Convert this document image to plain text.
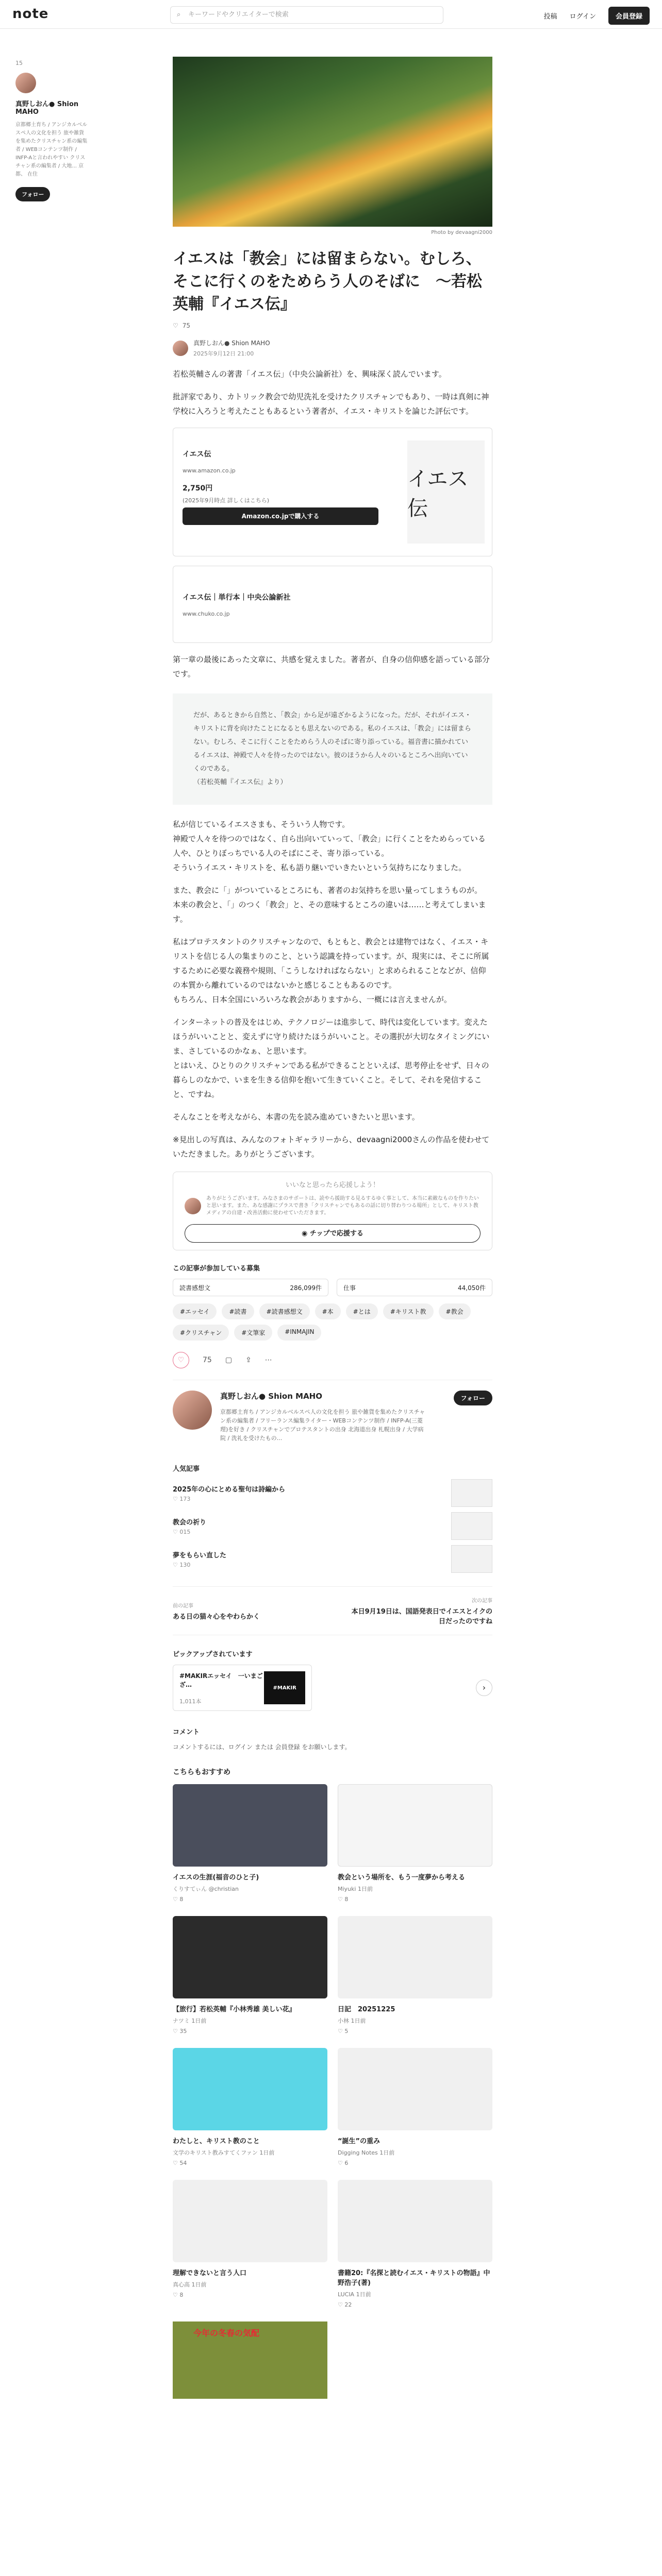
note	⌕ キーワードやクリエイターで検索	投稿 ログイン	会員登録
15
真野しおん● Shion MAHO
京都郷土育ち / アンジカルベルスペ人の文化を担う 旅や雑貨を集めたクリスチャン系の編集者 / WEBコンテンツ制作 / INFP-Aと言われやすい クリスチャン系の編集者 / 大地... 京都、 在住
フォロー
Photo by devaagni2000
イエスは「教会」には留まらない。むしろ、そこに行くのをためらう人のそばに　〜若松英輔『イエス伝』
♡ 75
真野しおん● Shion MAHO
2025年9月12日 21:00

若松英輔さんの著書「イエス伝」（中央公論新社）を、興味深く読んでいます。

批評家であり、カトリック教会で幼児洗礼を受けたクリスチャンでもあり、一時は真剣に神学校に入ろうと考えたこともあるという著者が、イエス・キリストを論じた評伝です。

イエス伝
www.amazon.co.jp
2,750円
(2025年9月時点 詳しくはこちら)
Amazon.co.jpで購入する
イエス伝
イエス伝｜単行本｜中央公論新社
www.chuko.co.jp

第一章の最後にあった文章に、共感を覚えました。著者が、自身の信仰感を語っている部分です。

だが、あるときから自然と、「教会」から足が遠ざかるようになった。だが、それがイエス・キリストに背を向けたことになるとも思えないのである。私のイエスは、「教会」には留まらない。むしろ、そこに行くことをためらう人のそばに寄り添っている。福音書に描かれているイエスは、神殿で人々を待ったのではない。彼のほうから人々のいるところへ出向いていくのである。
（若松英輔『イエス伝』より）

私が信じているイエスさまも、そういう人物です。
神殿で人々を待つのではなく、自ら出向いていって、「教会」に行くことをためらっている人や、ひとりぼっちでいる人のそばにこそ、寄り添っている。
そういうイエス・キリストを、私も語り継いでいきたいという気持ちになりました。

また、教会に「」がついているところにも、著者のお気持ちを思い量ってしまうものが。
本来の教会と、「」のつく「教会」と、その意味するところの違いは……と考えてしまいます。

私はプロテスタントのクリスチャンなので、もともと、教会とは建物ではなく、イエス・キリストを信じる人の集まりのこと、という認識を持っています。が、現実には、そこに所属するために必要な義務や規則、「こうしなければならない」と求められることなどが、信仰の本質から離れているのではないかと感じることもあるのです。
もちろん、日本全国にいろいろな教会がありますから、一概には言えませんが。

インターネットの普及をはじめ、テクノロジーは進歩して、時代は変化しています。変えたほうがいいことと、変えずに守り続けたほうがいいこと。その選択が大切なタイミングにいま、さしているのかなぁ、と思います。
とはいえ、ひとりのクリスチャンである私ができることといえば、思考停止をせず、日々の暮らしのなかで、いまを生きる信仰を抱いて生きていくこと。そして、それを発信すること、ですね。

そんなことを考えながら、本書の先を読み進めていきたいと思います。

※見出しの写真は、みんなのフォトギャラリーから、devaagni2000さんの作品を使わせていただきました。ありがとうございます。

いいなと思ったら応援しよう！
ありがとうございます。みなさまのサポートは、読やら援助する見るするゆく事として、本当に素敵なものを作りたいと思います。また、あな感謝にプラスで書き「クリスチャンでもあるの話に切り替わりつる場所」として、キリスト教メディアの自建・改善活動に使わせていただきます。
◉ チップで応援する
この記事が参加している募集
読書感想文	286,099件	仕事	44,050件
#エッセイ	#読書	#読書感想文	#本	#とは	#キリスト教	#教会
#クリスチャン	#文筆家	#INMAJIN
♡	75 ▢ ⇪ ⋯
真野しおん● Shion MAHO
京都郷土育ち / アンジカルベルスペ人の文化を担う 旅や雑貨を集めたクリスチャン系の編集者 / フリーランス編集ライター・WEBコンテンツ制作 / INFP-A(三菱理)を好き / クリスチャンでプロテスタントの出身 北海道出身 札幌出身 / 大学病院 / 洗礼を受けたもの...
フォロー
人気記事
2025年の心にとめる聖句は詩編から
♡ 173
教会の祈り
♡ 015
夢をもらい直した
♡ 130
前の記事
ある日の猫々心をやわらかく
次の記事
本日9月19日は、国語発表日でイエスとイクの日だったのですね
ピックアップされています
#MAKIRエッセイ　一いまござ…
1,011本
#MAKIR	›
コメント
コメントするには、ログイン または 会員登録 をお願いします。
こちらもおすすめ
イエスの生涯(福音のひと子)
くりすてぃん @christian
♡ 8
教会という場所を、もう一度夢から考える
Miyuki 1日前
♡ 8
【旅行】若松英輔『小林秀雄 美しい花』
ナツミ 1日前
♡ 35
日記　20251225
小林 1日前
♡ 5
わたしと、キリスト教のこと
文学のキリスト教みすてくファン 1日前
♡ 54
“誕生”の重み
Digging Notes 1日前
♡ 6
理解できないと言う人口
真心高 1日前
♡ 8
書籍20:『名探と読むイエス・キリストの物語』中野浩子(著)
LUCIA 1日前
♡ 22
今年の冬春の気配
